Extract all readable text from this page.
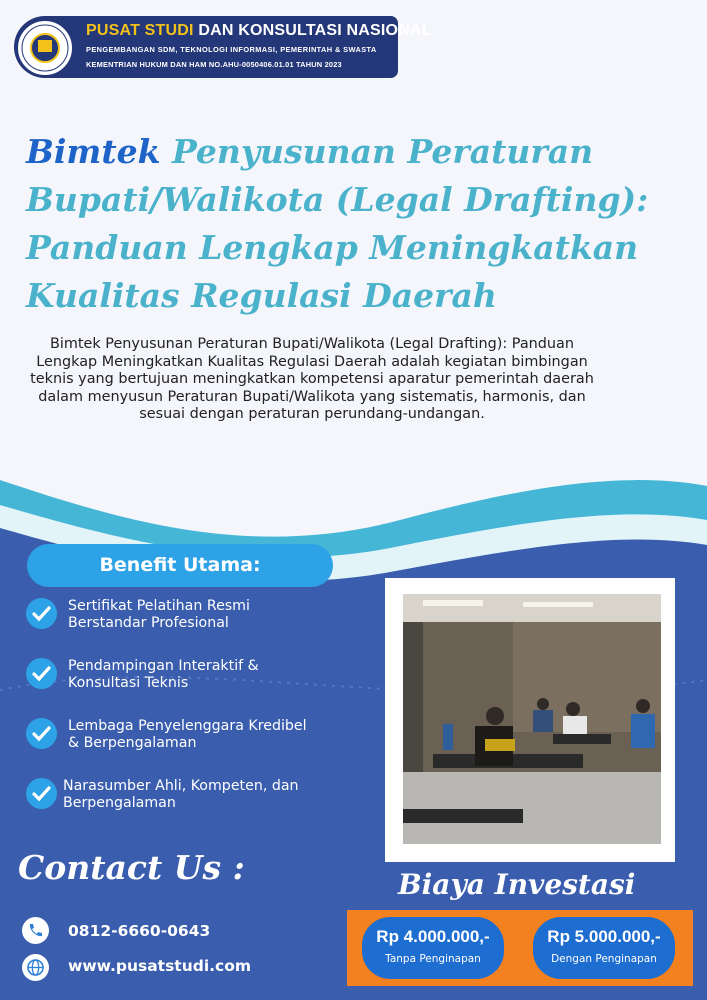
PUSAT STUDI DAN KONSULTASI NASIONAL
PENGEMBANGAN SDM, TEKNOLOGI INFORMASI, PEMERINTAH & SWASTA
KEMENTRIAN HUKUM DAN HAM NO.AHU-0050406.01.01 TAHUN 2023
Bimtek Penyusunan Peraturan Bupati/Walikota (Legal Drafting): Panduan Lengkap Meningkatkan Kualitas Regulasi Daerah
Bimtek Penyusunan Peraturan Bupati/Walikota (Legal Drafting): Panduan Lengkap Meningkatkan Kualitas Regulasi Daerah adalah kegiatan bimbingan teknis yang bertujuan meningkatkan kompetensi aparatur pemerintah daerah dalam menyusun Peraturan Bupati/Walikota yang sistematis, harmonis, dan sesuai dengan peraturan perundang-undangan.
Benefit Utama:
Sertifikat Pelatihan Resmi
Berstandar Profesional
Pendampingan Interaktif &
Konsultasi Teknis
Lembaga Penyelenggara Kredibel
& Berpengalaman
Narasumber Ahli, Kompeten, dan
Berpengalaman
Contact Us :
0812-6660-0643
www.pusatstudi.com
Biaya Investasi
Rp 4.000.000,-
Tanpa Penginapan
Rp 5.000.000,-
Dengan Penginapan
